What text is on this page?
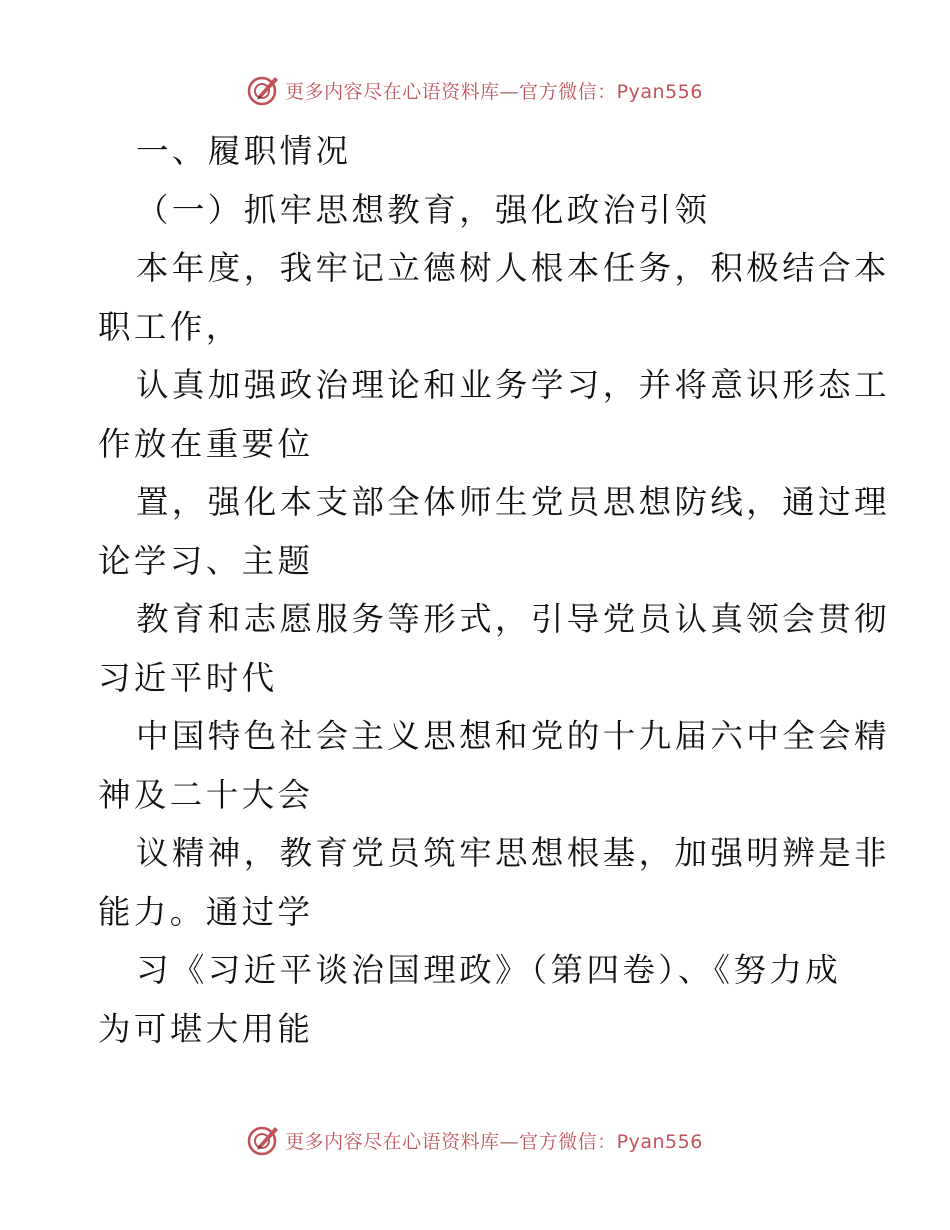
更多内容尽在心语资料库—官方微信：Pyan556
一、履职情况
（一）抓牢思想教育，强化政治引领
本年度，我牢记立德树人根本任务，积极结合本
职工作，
认真加强政治理论和业务学习，并将意识形态工
作放在重要位
置，强化本支部全体师生党员思想防线，通过理
论学习、主题
教育和志愿服务等形式，引导党员认真领会贯彻
习近平时代
中国特色社会主义思想和党的十九届六中全会精
神及二十大会
议精神，教育党员筑牢思想根基，加强明辨是非
能力。通过学
习《习近平谈治国理政》（第四卷）、《努力成
为可堪大用能
更多内容尽在心语资料库—官方微信：Pyan556
